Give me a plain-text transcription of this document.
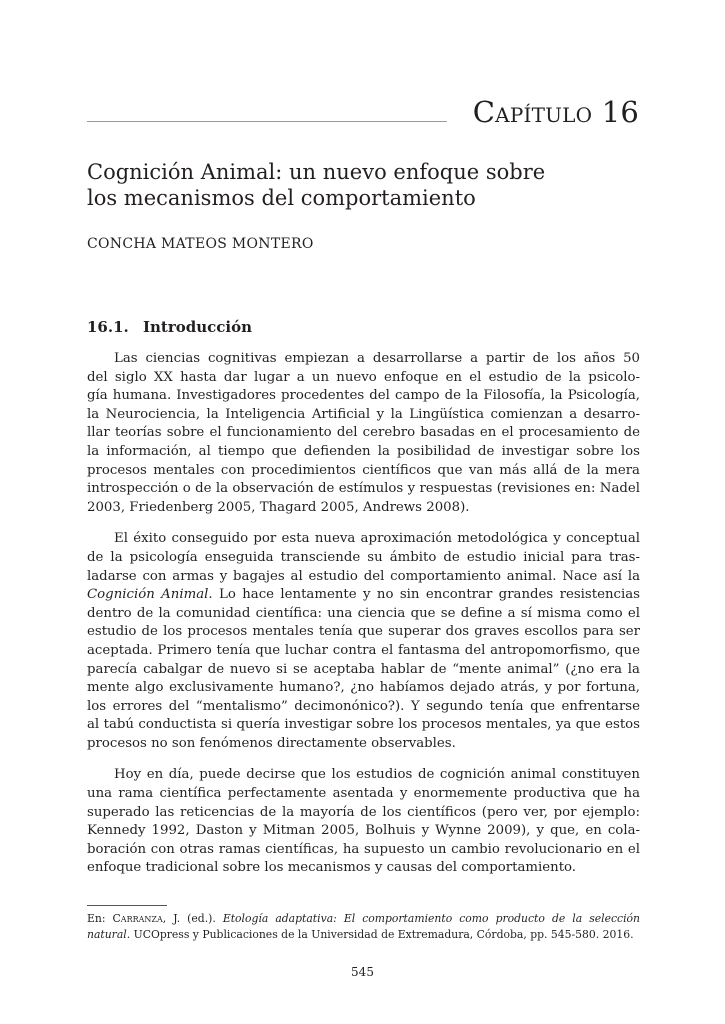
Capítulo 16
Cognición Animal: un nuevo enfoque sobre
los mecanismos del comportamiento
CONCHA MATEOS MONTERO
16.1. Introducción
Las ciencias cognitivas empiezan a desarrollarse a partir de los años 50
del siglo XX hasta dar lugar a un nuevo enfoque en el estudio de la psicolo-
gía humana. Investigadores procedentes del campo de la Filosofía, la Psicología,
la Neurociencia, la Inteligencia Artificial y la Lingüística comienzan a desarro-
llar teorías sobre el funcionamiento del cerebro basadas en el procesamiento de
la información, al tiempo que defienden la posibilidad de investigar sobre los
procesos mentales con procedimientos científicos que van más allá de la mera
introspección o de la observación de estímulos y respuestas (revisiones en: Nadel
2003, Friedenberg 2005, Thagard 2005, Andrews 2008).
El éxito conseguido por esta nueva aproximación metodológica y conceptual
de la psicología enseguida transciende su ámbito de estudio inicial para tras-
ladarse con armas y bagajes al estudio del comportamiento animal. Nace así la
Cognición Animal. Lo hace lentamente y no sin encontrar grandes resistencias
dentro de la comunidad científica: una ciencia que se define a sí misma como el
estudio de los procesos mentales tenía que superar dos graves escollos para ser
aceptada. Primero tenía que luchar contra el fantasma del antropomorfismo, que
parecía cabalgar de nuevo si se aceptaba hablar de “mente animal” (¿no era la
mente algo exclusivamente humano?, ¿no habíamos dejado atrás, y por fortuna,
los errores del “mentalismo” decimonónico?). Y segundo tenía que enfrentarse
al tabú conductista si quería investigar sobre los procesos mentales, ya que estos
procesos no son fenómenos directamente observables.
Hoy en día, puede decirse que los estudios de cognición animal constituyen
una rama científica perfectamente asentada y enormemente productiva que ha
superado las reticencias de la mayoría de los científicos (pero ver, por ejemplo:
Kennedy 1992, Daston y Mitman 2005, Bolhuis y Wynne 2009), y que, en cola-
boración con otras ramas científicas, ha supuesto un cambio revolucionario en el
enfoque tradicional sobre los mecanismos y causas del comportamiento.
En: Carranza, J. (ed.). Etología adaptativa: El comportamiento como producto de la selección
natural. UCOpress y Publicaciones de la Universidad de Extremadura, Córdoba, pp. 545-580. 2016.
545
